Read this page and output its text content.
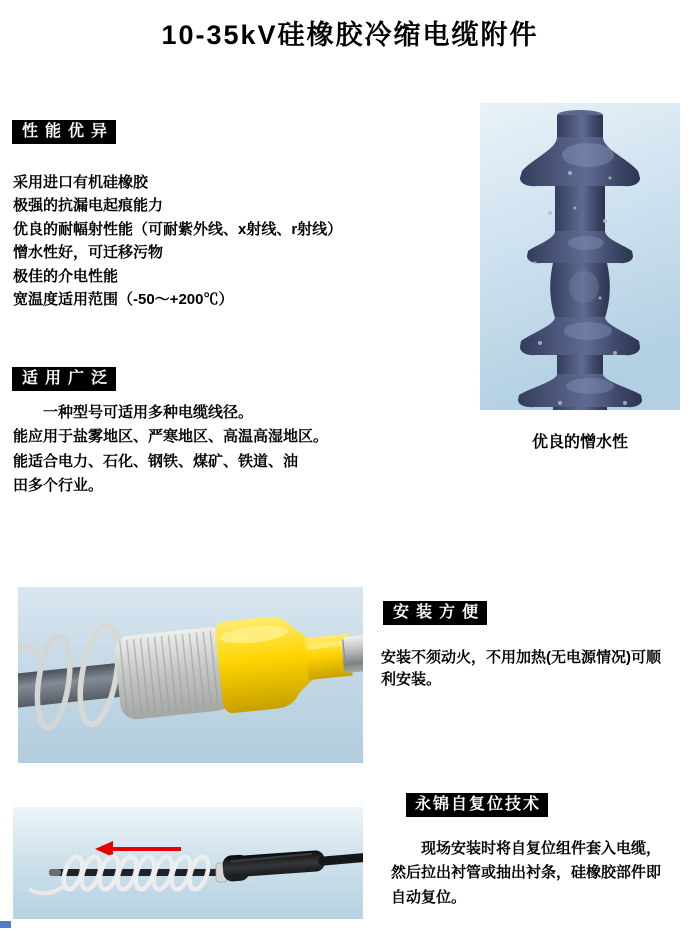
10-35kV硅橡胶冷缩电缆附件
性能优异
采用进口有机硅橡胶
极强的抗漏电起痕能力
优良的耐幅射性能（可耐紫外线、x射线、r射线）
憎水性好，可迁移污物
极佳的介电性能
宽温度适用范围（-50～+200℃）
适用广泛
一种型号可适用多种电缆线径。
能应用于盐雾地区、严寒地区、高温高湿地区。
能适合电力、石化、钢铁、煤矿、铁道、油
田多个行业。
优良的憎水性
安装方便
安装不须动火，不用加热(无电源情况)可顺
利安装。
永锦自复位技术
现场安装时将自复位组件套入电缆，
然后拉出衬管或抽出衬条，硅橡胶部件即
自动复位。
